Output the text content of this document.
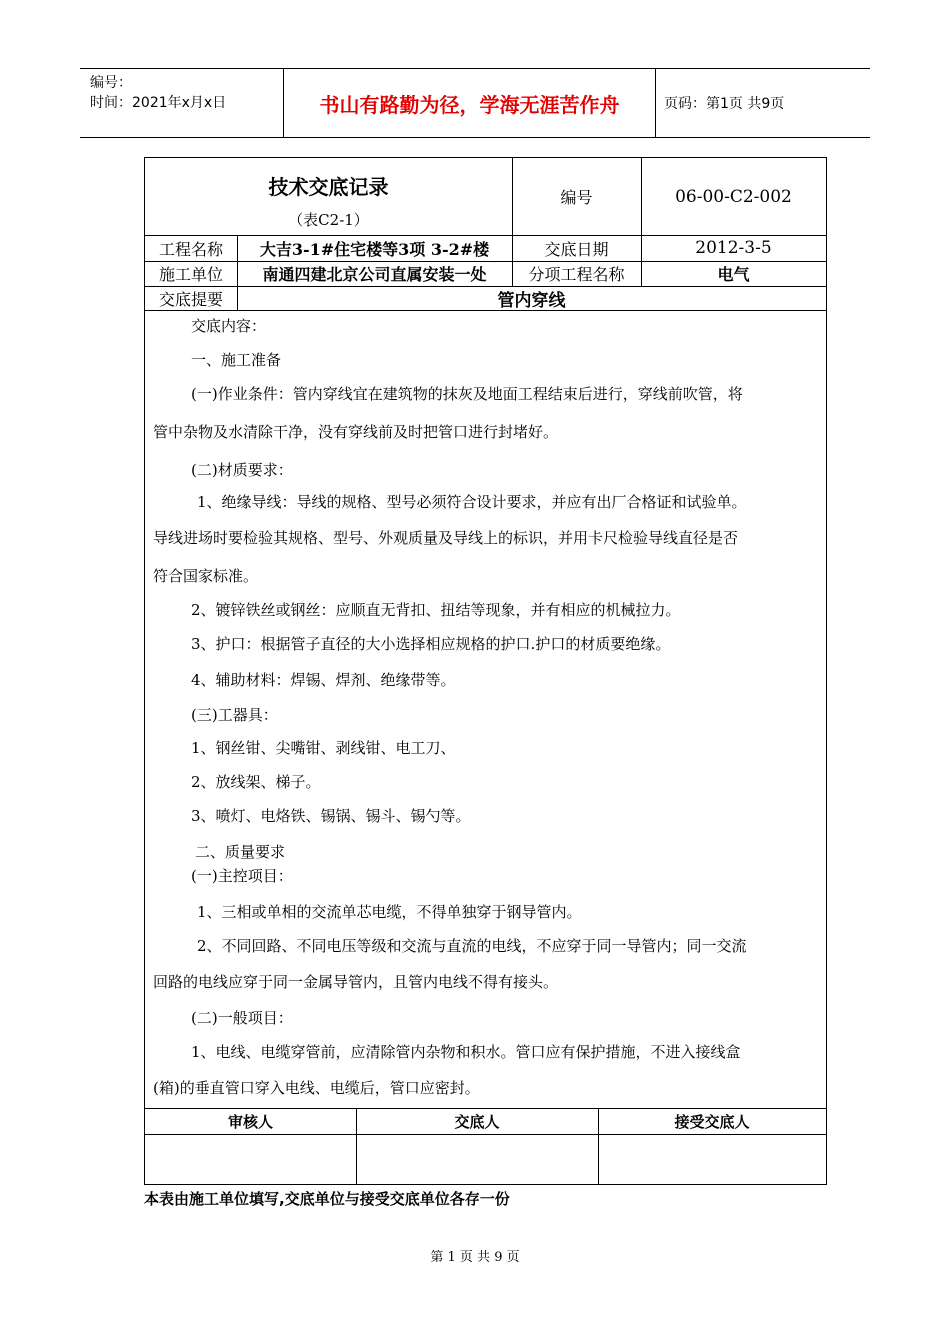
编号：
时间：2021年x月x日	书山有路勤为径，学海无涯苦作舟	页码：第1页 共9页
技术交底记录
（表C2-1）
编号	06-00-C2-002
工程名称	大吉3-1#住宅楼等3项 3-2#楼	交底日期	2012-3-5
施工单位	南通四建北京公司直属安装一处	分项工程名称	电气
交底提要	管内穿线
交底内容：
一、施工准备
(一)作业条件：管内穿线宜在建筑物的抹灰及地面工程结束后进行，穿线前吹管，将
管中杂物及水清除干净，没有穿线前及时把管口进行封堵好。
(二)材质要求：
1、绝缘导线：导线的规格、型号必须符合设计要求，并应有出厂合格证和试验单。
导线进场时要检验其规格、型号、外观质量及导线上的标识，并用卡尺检验导线直径是否
符合国家标准。
2、镀锌铁丝或钢丝：应顺直无背扣、扭结等现象，并有相应的机械拉力。
3、护口：根据管子直径的大小选择相应规格的护口.护口的材质要绝缘。
4、辅助材料：焊锡、焊剂、绝缘带等。
(三)工器具：
1、钢丝钳、尖嘴钳、剥线钳、电工刀、
2、放线架、梯子。
3、喷灯、电烙铁、锡锅、锡斗、锡勺等。
二、质量要求
(一)主控项目：
1、三相或单相的交流单芯电缆，不得单独穿于钢导管内。
2、不同回路、不同电压等级和交流与直流的电线，不应穿于同一导管内；同一交流
回路的电线应穿于同一金属导管内，且管内电线不得有接头。
(二)一般项目：
1、电线、电缆穿管前，应清除管内杂物和积水。管口应有保护措施，不进入接线盒
(箱)的垂直管口穿入电线、电缆后，管口应密封。
审核人	交底人	接受交底人
本表由施工单位填写,交底单位与接受交底单位各存一份
第 1 页 共 9 页
